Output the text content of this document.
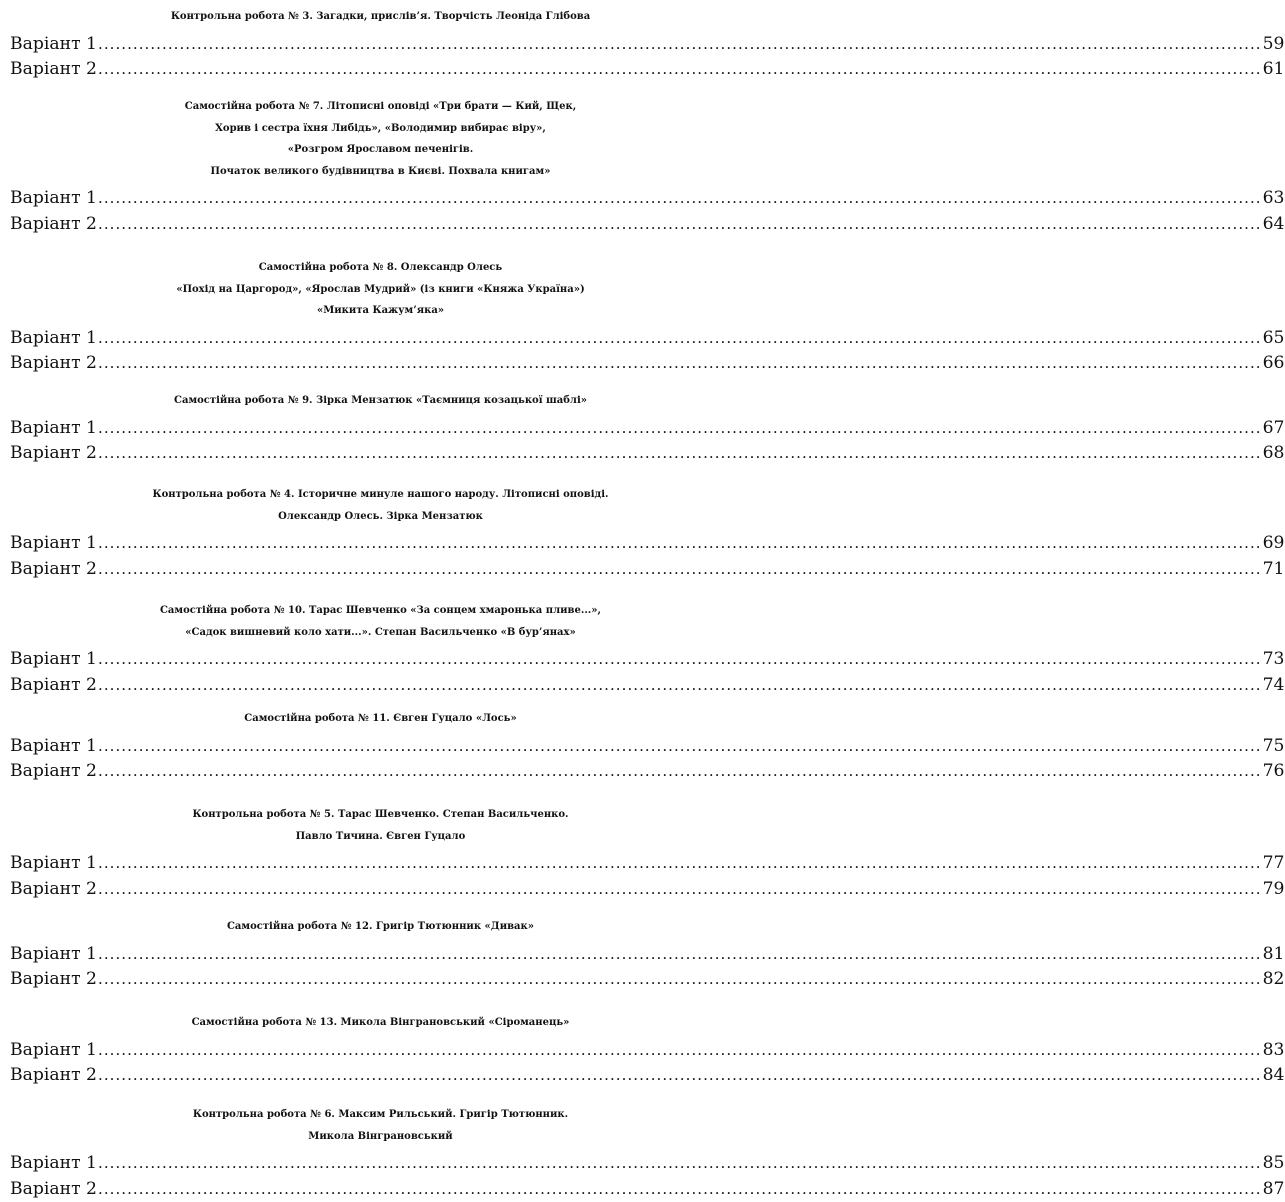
Контрольна робота № 3. Загадки, прислів’я. Творчість Леоніда Глібова
Варіант 1 ........................................................................................................................................................................................................ 59
Варіант 2 ........................................................................................................................................................................................................ 61
Самостійна робота № 7. Літописні оповіді «Три брати — Кий, Щек,
Хорив і сестра їхня Либідь», «Володимир вибирає віру»,
«Розгром Ярославом печенігів.
Початок великого будівництва в Києві. Похвала книгам»
Варіант 1 ........................................................................................................................................................................................................ 63
Варіант 2 ........................................................................................................................................................................................................ 64
Самостійна робота № 8. Олександр Олесь
«Похід на Царгород», «Ярослав Мудрий» (із книги «Княжа Україна»)
«Микита Кажум’яка»
Варіант 1 ........................................................................................................................................................................................................ 65
Варіант 2 ........................................................................................................................................................................................................ 66
Самостійна робота № 9. Зірка Мензатюк «Таємниця козацької шаблі»
Варіант 1 ........................................................................................................................................................................................................ 67
Варіант 2 ........................................................................................................................................................................................................ 68
Контрольна робота № 4. Історичне минуле нашого народу. Літописні оповіді.
Олександр Олесь. Зірка Мензатюк
Варіант 1 ........................................................................................................................................................................................................ 69
Варіант 2 ........................................................................................................................................................................................................ 71
Самостійна робота № 10. Тарас Шевченко «За сонцем хмаронька пливе...»,
«Садок вишневий коло хати...». Степан Васильченко «В бур’янах»
Варіант 1 ........................................................................................................................................................................................................ 73
Варіант 2 ........................................................................................................................................................................................................ 74
Самостійна робота № 11. Євген Гуцало «Лось»
Варіант 1 ........................................................................................................................................................................................................ 75
Варіант 2 ........................................................................................................................................................................................................ 76
Контрольна робота № 5. Тарас Шевченко. Степан Васильченко.
Павло Тичина. Євген Гуцало
Варіант 1 ........................................................................................................................................................................................................ 77
Варіант 2 ........................................................................................................................................................................................................ 79
Самостійна робота № 12. Григір Тютюнник «Дивак»
Варіант 1 ........................................................................................................................................................................................................ 81
Варіант 2 ........................................................................................................................................................................................................ 82
Самостійна робота № 13. Микола Вінграновський «Сіроманець»
Варіант 1 ........................................................................................................................................................................................................ 83
Варіант 2 ........................................................................................................................................................................................................ 84
Контрольна робота № 6. Максим Рильський. Григір Тютюнник.
Микола Вінграновський
Варіант 1 ........................................................................................................................................................................................................ 85
Варіант 2 ........................................................................................................................................................................................................ 87
